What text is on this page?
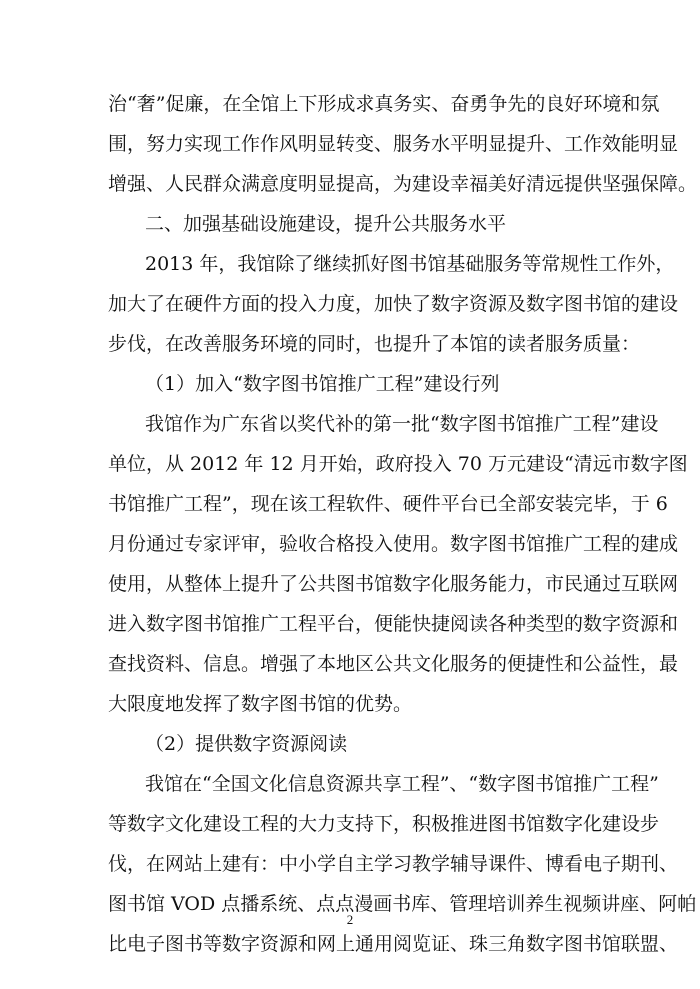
治“奢”促廉，在全馆上下形成求真务实、奋勇争先的良好环境和氛
围，努力实现工作作风明显转变、服务水平明显提升、工作效能明显
增强、人民群众满意度明显提高，为建设幸福美好清远提供坚强保障。
二、加强基础设施建设，提升公共服务水平
2013 年，我馆除了继续抓好图书馆基础服务等常规性工作外，
加大了在硬件方面的投入力度，加快了数字资源及数字图书馆的建设
步伐，在改善服务环境的同时，也提升了本馆的读者服务质量：
（1）加入“数字图书馆推广工程”建设行列
我馆作为广东省以奖代补的第一批“数字图书馆推广工程”建设
单位，从 2012 年 12 月开始，政府投入 70 万元建设“清远市数字图
书馆推广工程”，现在该工程软件、硬件平台已全部安装完毕，于 6
月份通过专家评审，验收合格投入使用。数字图书馆推广工程的建成
使用，从整体上提升了公共图书馆数字化服务能力，市民通过互联网
进入数字图书馆推广工程平台，便能快捷阅读各种类型的数字资源和
查找资料、信息。增强了本地区公共文化服务的便捷性和公益性，最
大限度地发挥了数字图书馆的优势。
（2）提供数字资源阅读
我馆在“全国文化信息资源共享工程”、“数字图书馆推广工程”
等数字文化建设工程的大力支持下，积极推进图书馆数字化建设步
伐，在网站上建有：中小学自主学习教学辅导课件、博看电子期刊、
图书馆 VOD 点播系统、点点漫画书库、管理培训养生视频讲座、阿帕
比电子图书等数字资源和网上通用阅览证、珠三角数字图书馆联盟、
2
